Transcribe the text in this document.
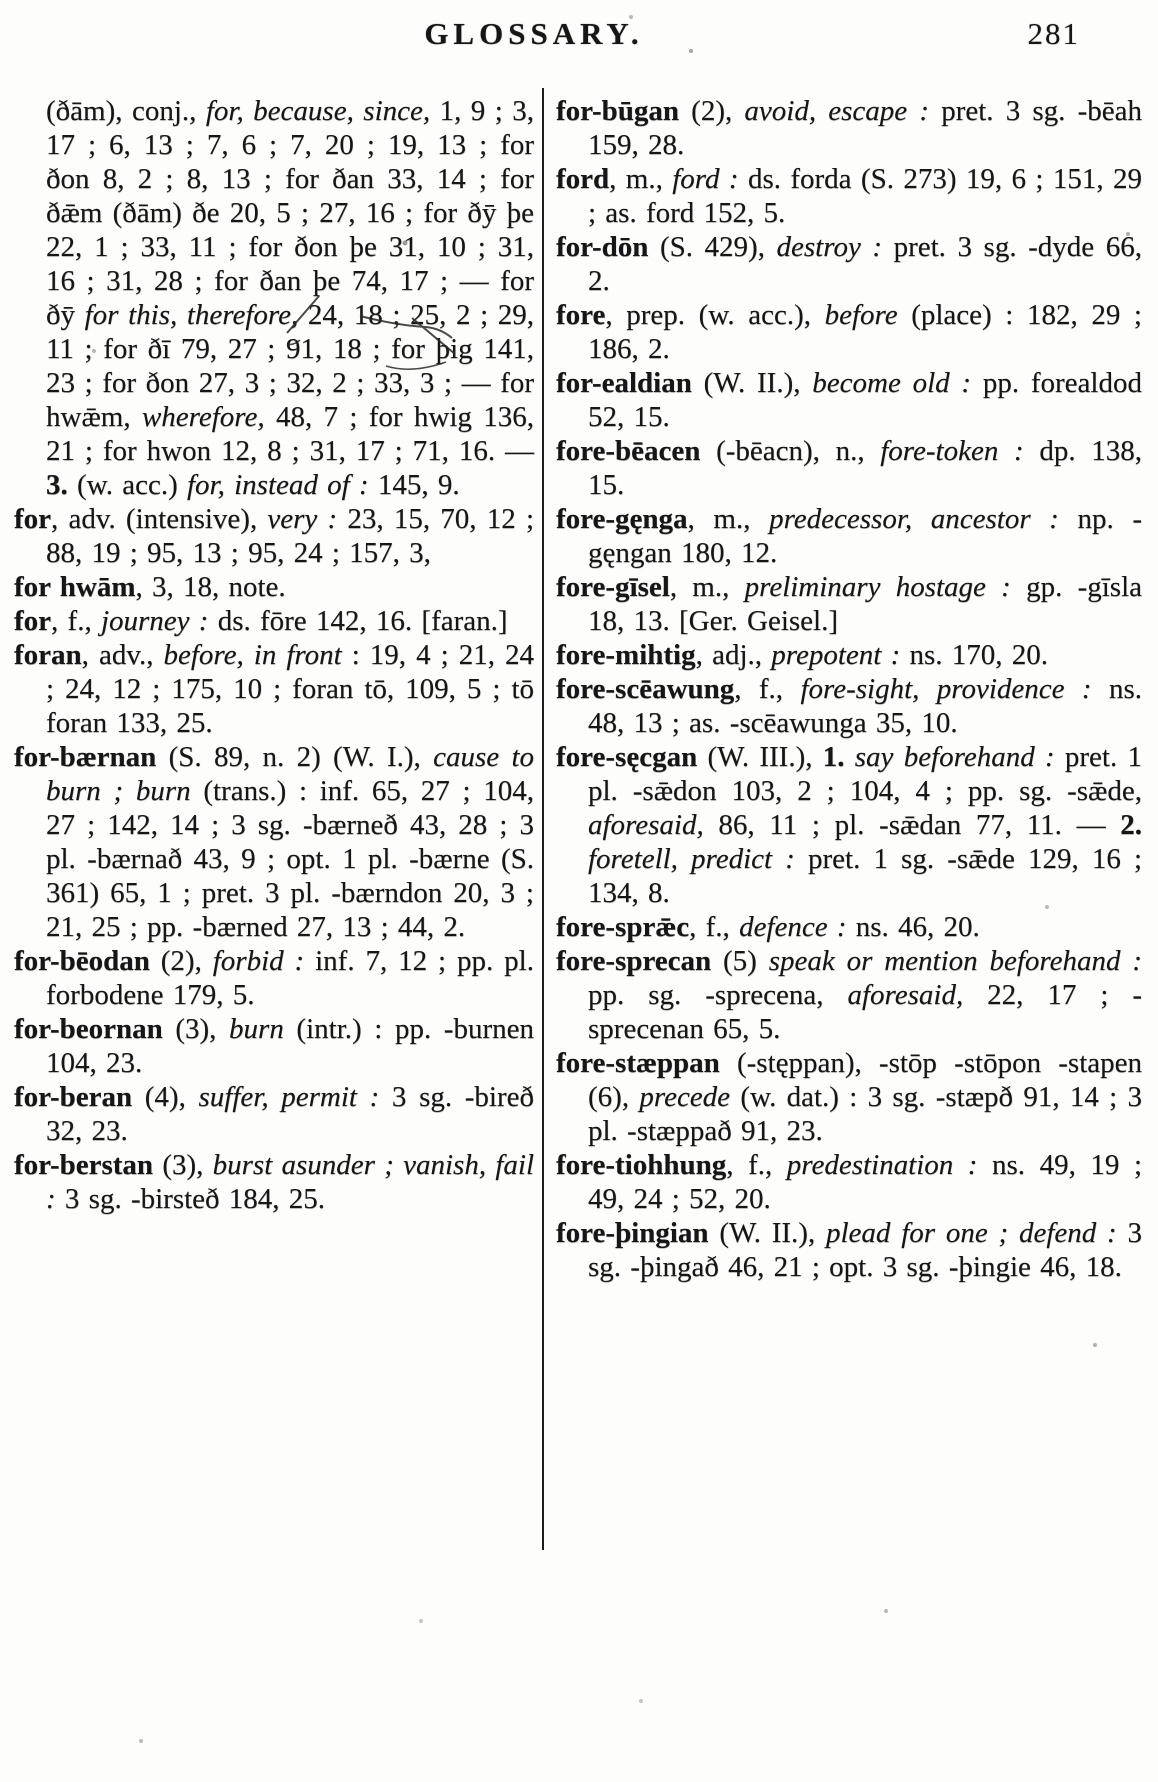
GLOSSARY.	281

(ðām), conj., for, because, since, 1, 9 ; 3, 17 ; 6, 13 ; 7, 6 ; 7, 20 ; 19, 13 ; for ðon 8, 2 ; 8, 13 ; for ðan 33, 14 ; for ðǣm (ðām) ðe 20, 5 ; 27, 16 ; for ðȳ þe 22, 1 ; 33, 11 ; for ðon þe 31, 10 ; 31, 16 ; 31, 28 ; for ðan þe 74, 17 ; — for ðȳ for this, therefore, 24, 18 ; 25, 2 ; 29, 11 ; for ðī 79, 27 ; 91, 18 ; for þig 141, 23 ; for ðon 27, 3 ; 32, 2 ; 33, 3 ; — for hwǣm, wherefore, 48, 7 ; for hwig 136, 21 ; for hwon 12, 8 ; 31, 17 ; 71, 16. — 3. (w. acc.) for, instead of : 145, 9.

for, adv. (intensive), very : 23, 15, 70, 12 ; 88, 19 ; 95, 13 ; 95, 24 ; 157, 3,

for hwām, 3, 18, note.

for, f., journey : ds. fōre 142, 16. [faran.]

foran, adv., before, in front : 19, 4 ; 21, 24 ; 24, 12 ; 175, 10 ; foran tō, 109, 5 ; tō foran 133, 25.

for-bærnan (S. 89, n. 2) (W. I.), cause to burn ; burn (trans.) : inf. 65, 27 ; 104, 27 ; 142, 14 ; 3 sg. -bærneð 43, 28 ; 3 pl. -bærnað 43, 9 ; opt. 1 pl. -bærne (S. 361) 65, 1 ; pret. 3 pl. -bærndon 20, 3 ; 21, 25 ; pp. -bærned 27, 13 ; 44, 2.

for-bēodan (2), forbid : inf. 7, 12 ; pp. pl. forbodene 179, 5.

for-beornan (3), burn (intr.) : pp. -burnen 104, 23.

for-beran (4), suffer, permit : 3 sg. -bireð 32, 23.

for-berstan (3), burst asunder ; vanish, fail : 3 sg. -birsteð 184, 25.

for-būgan (2), avoid, escape : pret. 3 sg. -bēah 159, 28.

ford, m., ford : ds. forda (S. 273) 19, 6 ; 151, 29 ; as. ford 152, 5.

for-dōn (S. 429), destroy : pret. 3 sg. -dyde 66, 2.

fore, prep. (w. acc.), before (place) : 182, 29 ; 186, 2.

for-ealdian (W. II.), become old : pp. forealdod 52, 15.

fore-bēacen (-bēacn), n., fore-token : dp. 138, 15.

fore-gęnga, m., predecessor, ancestor : np. -gęngan 180, 12.

fore-gīsel, m., preliminary hostage : gp. -gīsla 18, 13. [Ger. Geisel.]

fore-mihtig, adj., prepotent : ns. 170, 20.

fore-scēawung, f., fore-sight, providence : ns. 48, 13 ; as. -scēawunga 35, 10.

fore-sęcgan (W. III.), 1. say beforehand : pret. 1 pl. -sǣdon 103, 2 ; 104, 4 ; pp. sg. -sǣde, aforesaid, 86, 11 ; pl. -sǣdan 77, 11. — 2. foretell, predict : pret. 1 sg. -sǣde 129, 16 ; 134, 8.

fore-sprǣc, f., defence : ns. 46, 20.

fore-sprecan (5) speak or mention beforehand : pp. sg. -sprecena, aforesaid, 22, 17 ; -sprecenan 65, 5.

fore-stæppan (-stęppan), -stōp -stōpon -stapen (6), precede (w. dat.) : 3 sg. -stæpð 91, 14 ; 3 pl. -stæppað 91, 23.

fore-tiohhung, f., predestination : ns. 49, 19 ; 49, 24 ; 52, 20.

fore-þingian (W. II.), plead for one ; defend : 3 sg. -þingað 46, 21 ; opt. 3 sg. -þingie 46, 18.
